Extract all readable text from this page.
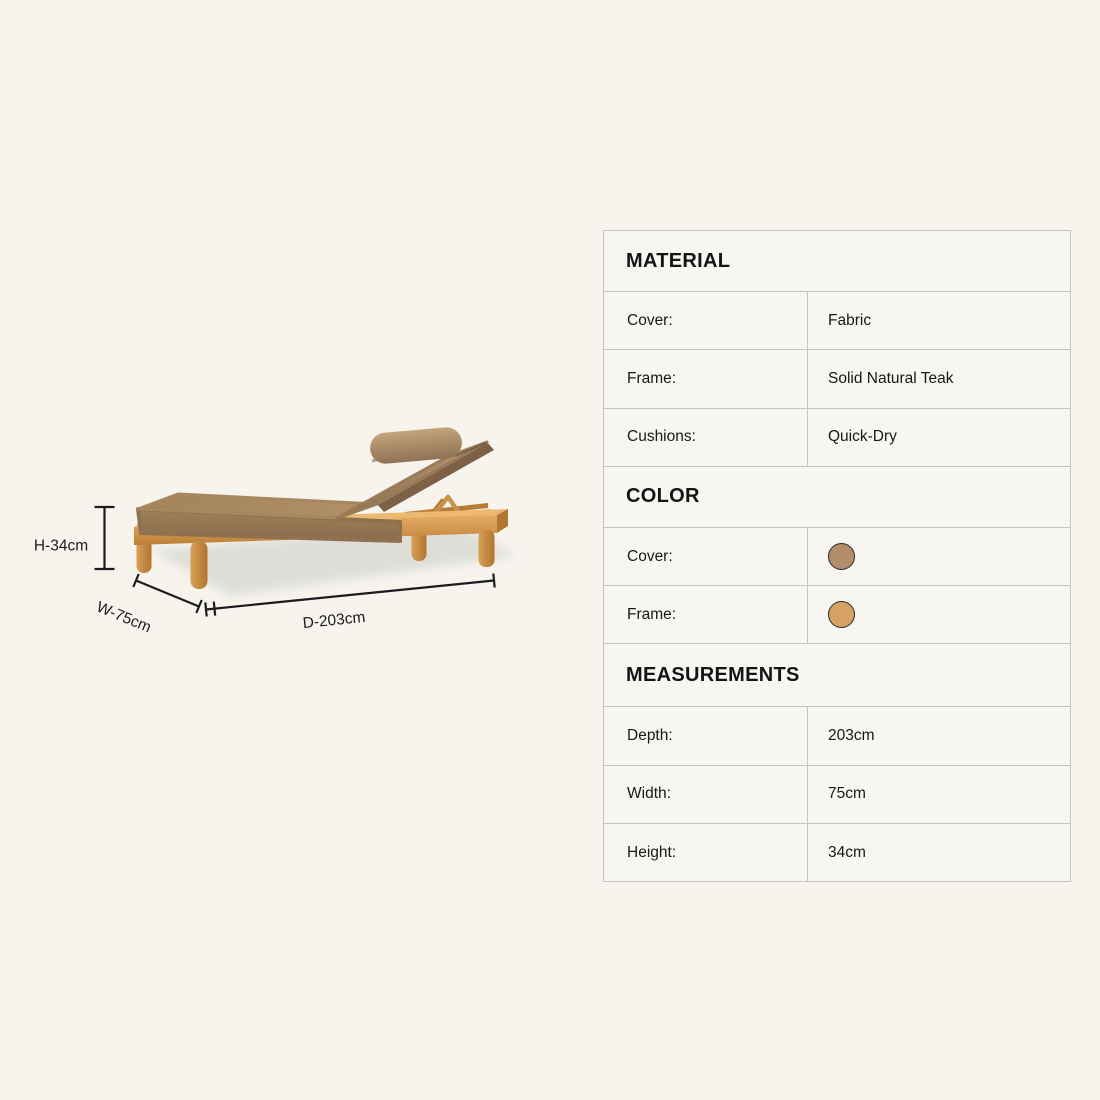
H-34cm
W-75cm	D-203cm
MATERIAL
Cover:	Fabric
Frame:	Solid Natural Teak
Cushions:	Quick-Dry
COLOR
Cover:
Frame:
MEASUREMENTS
Depth:	203cm
Width:	75cm
Height:	34cm
